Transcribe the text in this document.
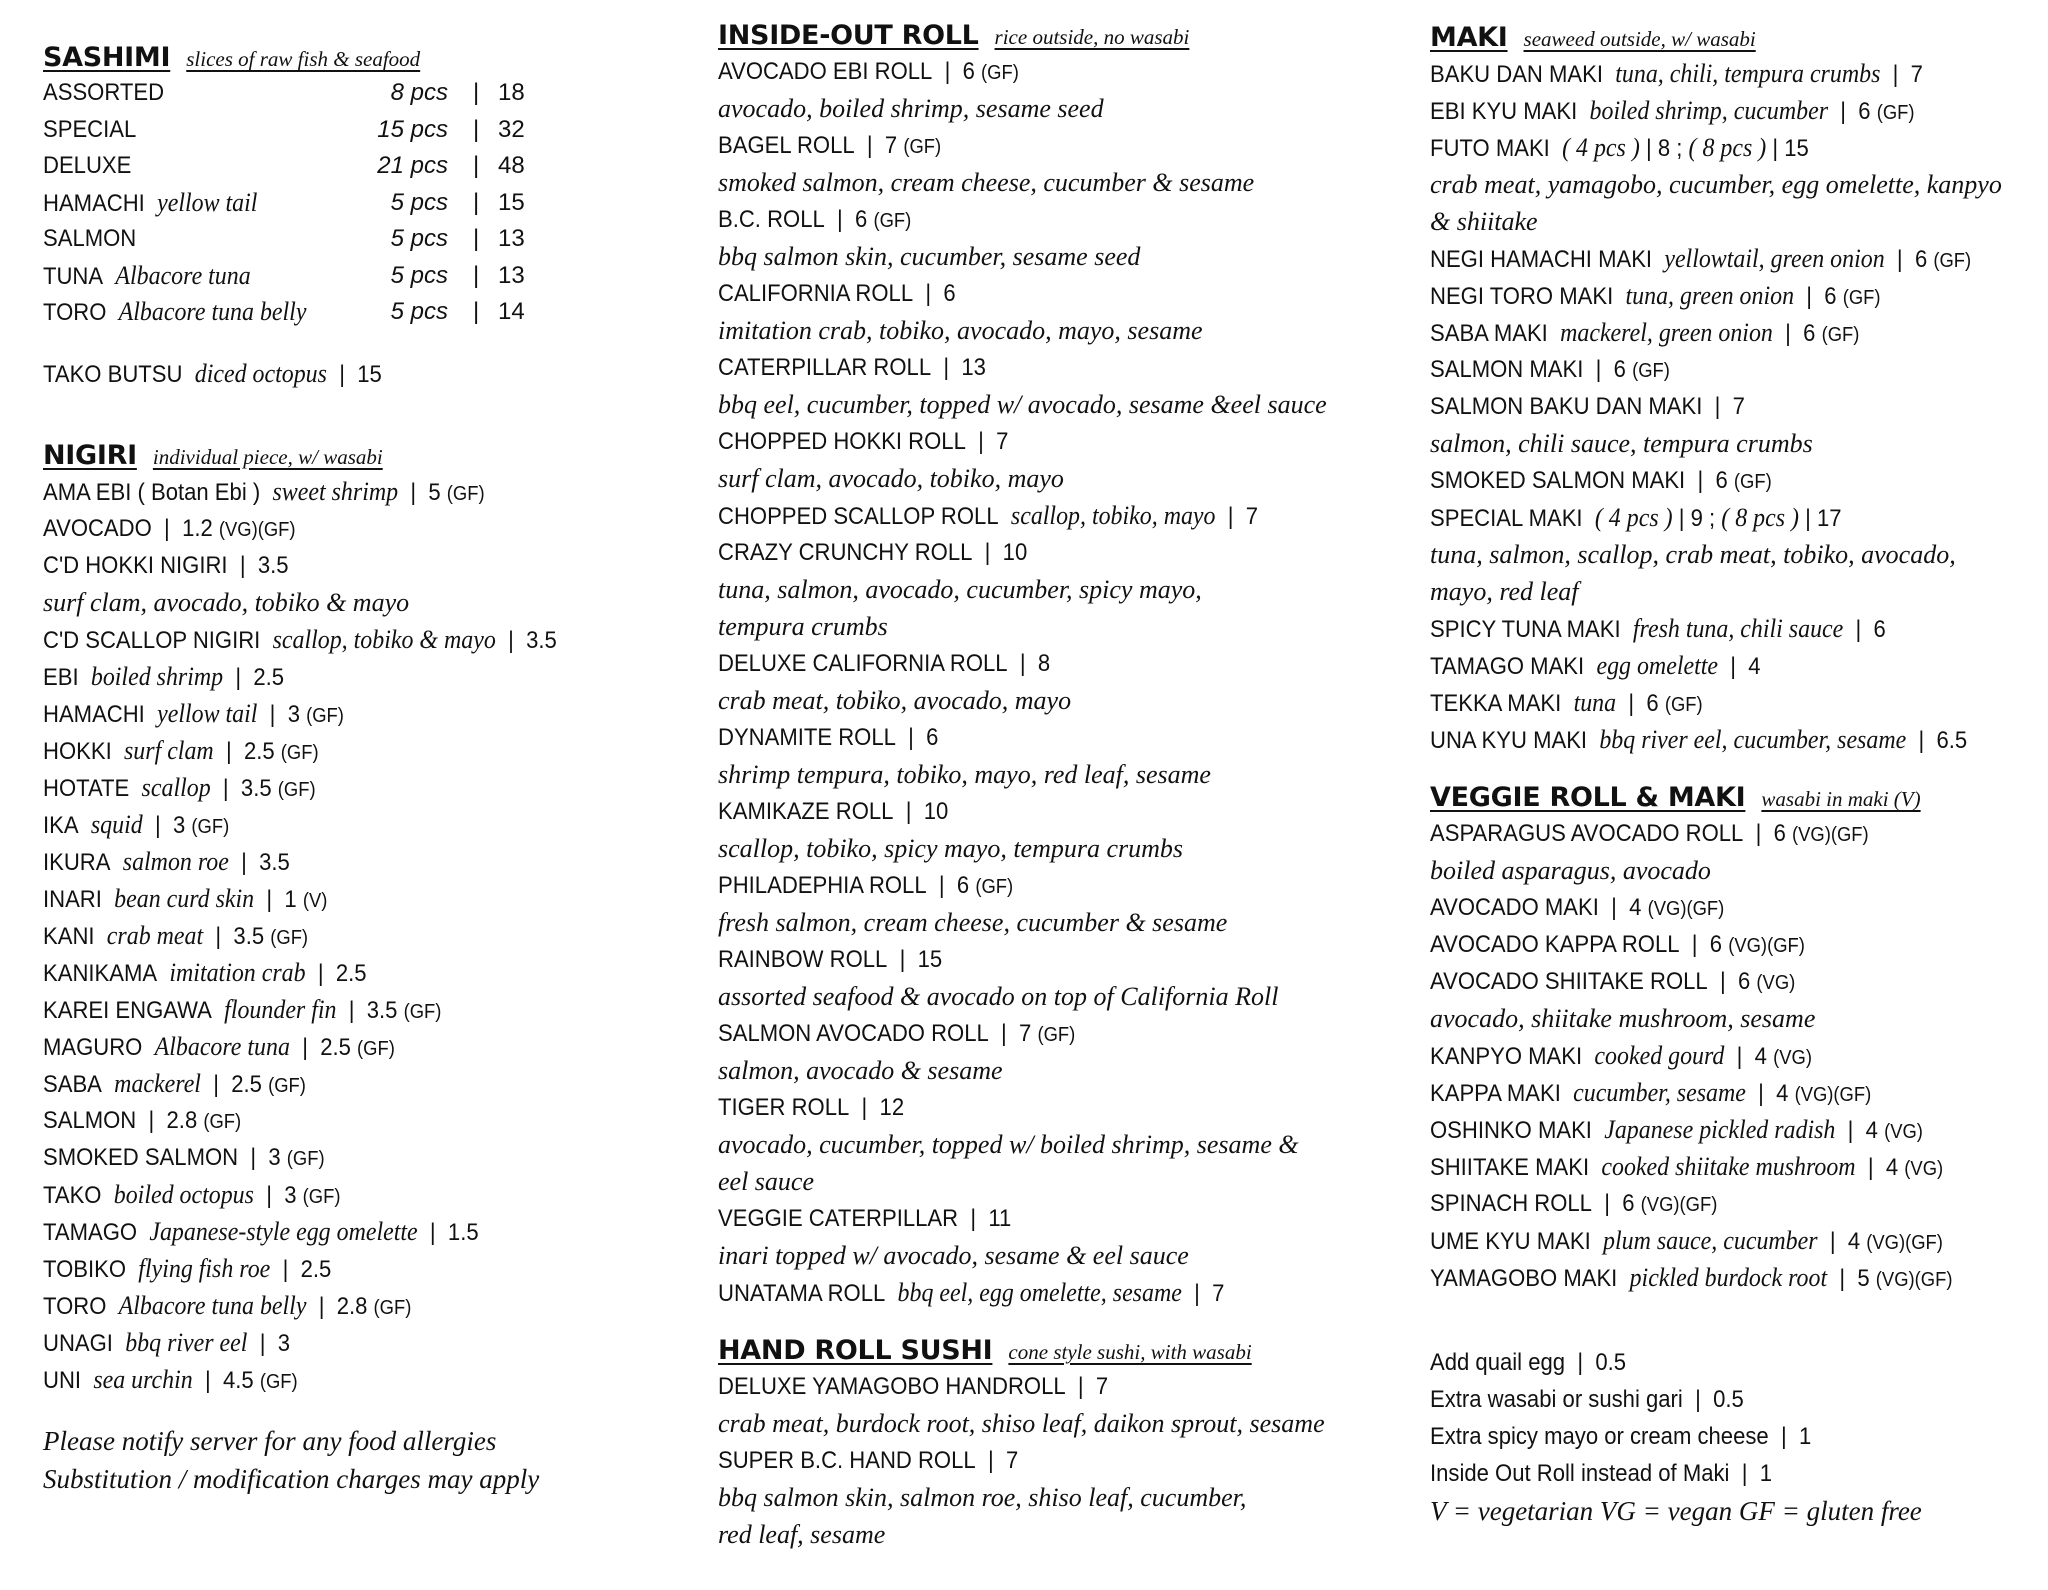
SASHIMI slices of raw fish & seafood
ASSORTED	8 pcs | 18
SPECIAL	15 pcs | 32
DELUXE	21 pcs | 48
HAMACHI yellow tail	5 pcs | 15
SALMON	5 pcs | 13
TUNA Albacore tuna	5 pcs | 13
TORO Albacore tuna belly	5 pcs | 14
TAKO BUTSU diced octopus  |  15
NIGIRI individual piece, w/ wasabi
AMA EBI ( Botan Ebi ) sweet shrimp  |  5 (GF)
AVOCADO  |  1.2 (VG)(GF)
C'D HOKKI NIGIRI  |  3.5
surf clam, avocado, tobiko & mayo
C'D SCALLOP NIGIRI scallop, tobiko & mayo  |  3.5
EBI boiled shrimp  |  2.5
HAMACHI yellow tail  |  3 (GF)
HOKKI surf clam  |  2.5 (GF)
HOTATE scallop  |  3.5 (GF)
IKA squid  |  3 (GF)
IKURA salmon roe  |  3.5
INARI bean curd skin  |  1 (V)
KANI crab meat  |  3.5 (GF)
KANIKAMA imitation crab  |  2.5
KAREI ENGAWA flounder fin  |  3.5 (GF)
MAGURO Albacore tuna  |  2.5 (GF)
SABA mackerel  |  2.5 (GF)
SALMON  |  2.8 (GF)
SMOKED SALMON  |  3 (GF)
TAKO boiled octopus  |  3 (GF)
TAMAGO Japanese-style egg omelette  |  1.5
TOBIKO flying fish roe  |  2.5
TORO Albacore tuna belly  |  2.8 (GF)
UNAGI bbq river eel  |  3
UNI sea urchin  |  4.5 (GF)
Please notify server for any food allergies
Substitution / modification charges may apply
INSIDE-OUT ROLL rice outside, no wasabi
AVOCADO EBI ROLL  |  6 (GF)
avocado, boiled shrimp, sesame seed
BAGEL ROLL  |  7 (GF)
smoked salmon, cream cheese, cucumber & sesame
B.C. ROLL  |  6 (GF)
bbq salmon skin, cucumber, sesame seed
CALIFORNIA ROLL  |  6
imitation crab, tobiko, avocado, mayo, sesame
CATERPILLAR ROLL  |  13
bbq eel, cucumber, topped w/ avocado, sesame &eel sauce
CHOPPED HOKKI ROLL  |  7
surf clam, avocado, tobiko, mayo
CHOPPED SCALLOP ROLL scallop, tobiko, mayo  |  7
CRAZY CRUNCHY ROLL  |  10
tuna, salmon, avocado, cucumber, spicy mayo,
tempura crumbs
DELUXE CALIFORNIA ROLL  |  8
crab meat, tobiko, avocado, mayo
DYNAMITE ROLL  |  6
shrimp tempura, tobiko, mayo, red leaf, sesame
KAMIKAZE ROLL  |  10
scallop, tobiko, spicy mayo, tempura crumbs
PHILADEPHIA ROLL  |  6 (GF)
fresh salmon, cream cheese, cucumber & sesame
RAINBOW ROLL  |  15
assorted seafood & avocado on top of California Roll
SALMON AVOCADO ROLL  |  7 (GF)
salmon, avocado & sesame
TIGER ROLL  |  12
avocado, cucumber, topped w/ boiled shrimp, sesame &
eel sauce
VEGGIE CATERPILLAR  |  11
inari topped w/ avocado, sesame & eel sauce
UNATAMA ROLL bbq eel, egg omelette, sesame  |  7
HAND ROLL SUSHI cone style sushi, with wasabi
DELUXE YAMAGOBO HANDROLL  |  7
crab meat, burdock root, shiso leaf, daikon sprout, sesame
SUPER B.C. HAND ROLL  |  7
bbq salmon skin, salmon roe, shiso leaf, cucumber,
red leaf, sesame
MAKI seaweed outside, w/ wasabi
BAKU DAN MAKI tuna, chili, tempura crumbs  |  7
EBI KYU MAKI boiled shrimp, cucumber  |  6 (GF)
FUTO MAKI ( 4 pcs ) | 8 ; ( 8 pcs ) | 15
crab meat, yamagobo, cucumber, egg omelette, kanpyo
& shiitake
NEGI HAMACHI MAKI yellowtail, green onion  |  6 (GF)
NEGI TORO MAKI tuna, green onion  |  6 (GF)
SABA MAKI mackerel, green onion  |  6 (GF)
SALMON MAKI  |  6 (GF)
SALMON BAKU DAN MAKI  |  7
salmon, chili sauce, tempura crumbs
SMOKED SALMON MAKI  |  6 (GF)
SPECIAL MAKI ( 4 pcs ) | 9 ; ( 8 pcs ) | 17
tuna, salmon, scallop, crab meat, tobiko, avocado,
mayo, red leaf
SPICY TUNA MAKI fresh tuna, chili sauce  |  6
TAMAGO MAKI egg omelette  |  4
TEKKA MAKI tuna  |  6 (GF)
UNA KYU MAKI bbq river eel, cucumber, sesame  |  6.5
VEGGIE ROLL & MAKI wasabi in maki (V)
ASPARAGUS AVOCADO ROLL  |  6 (VG)(GF)
boiled asparagus, avocado
AVOCADO MAKI  |  4 (VG)(GF)
AVOCADO KAPPA ROLL  |  6 (VG)(GF)
AVOCADO SHIITAKE ROLL  |  6 (VG)
avocado, shiitake mushroom, sesame
KANPYO MAKI cooked gourd  |  4 (VG)
KAPPA MAKI cucumber, sesame  |  4 (VG)(GF)
OSHINKO MAKI Japanese pickled radish  |  4 (VG)
SHIITAKE MAKI cooked shiitake mushroom  |  4 (VG)
SPINACH ROLL  |  6 (VG)(GF)
UME KYU MAKI plum sauce, cucumber  |  4 (VG)(GF)
YAMAGOBO MAKI pickled burdock root  |  5 (VG)(GF)
Add quail egg  |  0.5
Extra wasabi or sushi gari  |  0.5
Extra spicy mayo or cream cheese  |  1
Inside Out Roll instead of Maki  |  1
V = vegetarian VG = vegan GF = gluten free
